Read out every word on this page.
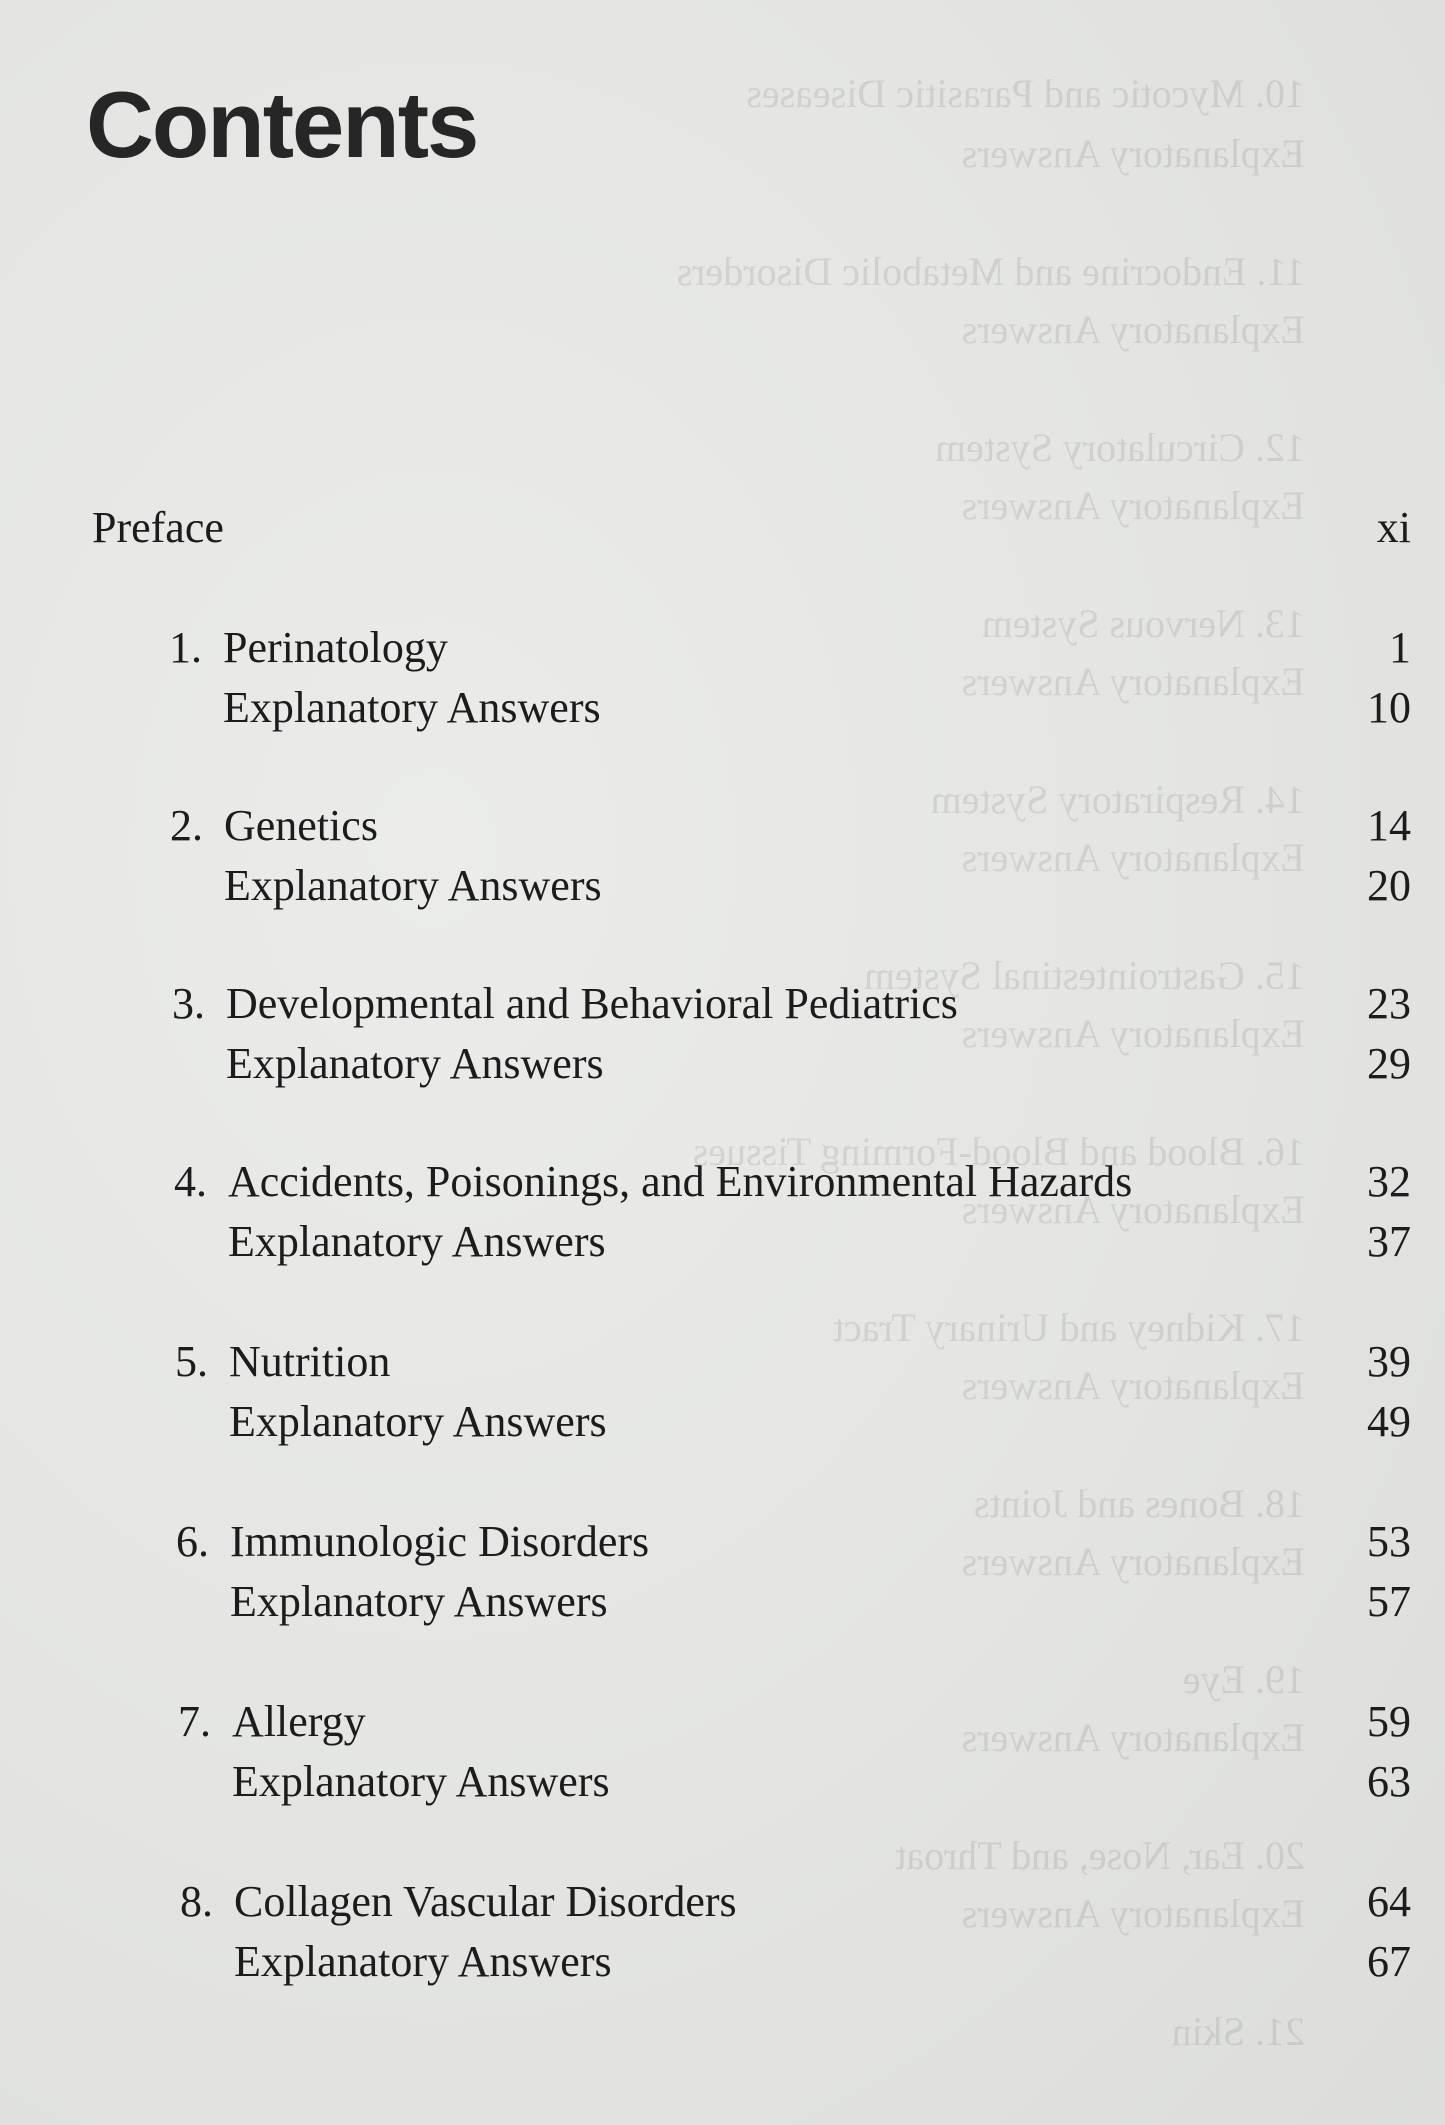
10. Mycotic and Parasitic Diseases
Explanatory Answers
11. Endocrine and Metabolic Disorders
Explanatory Answers
12. Circulatory System
Explanatory Answers
13. Nervous System
Explanatory Answers
14. Respiratory System
Explanatory Answers
15. Gastrointestinal System
Explanatory Answers
16. Blood and Blood-Forming Tissues
Explanatory Answers
17. Kidney and Urinary Tract
Explanatory Answers
18. Bones and Joints
Explanatory Answers
19. Eye
Explanatory Answers
20. Ear, Nose, and Throat
Explanatory Answers
21. Skin
Contents
Preface	xi
1. Perinatology	1
Explanatory Answers	10
2. Genetics	14
Explanatory Answers	20
3. Developmental and Behavioral Pediatrics	23
Explanatory Answers	29
4. Accidents, Poisonings, and Environmental Hazards	32
Explanatory Answers	37
5. Nutrition	39
Explanatory Answers	49
6. Immunologic Disorders	53
Explanatory Answers	57
7. Allergy	59
Explanatory Answers	63
8. Collagen Vascular Disorders	64
Explanatory Answers	67
